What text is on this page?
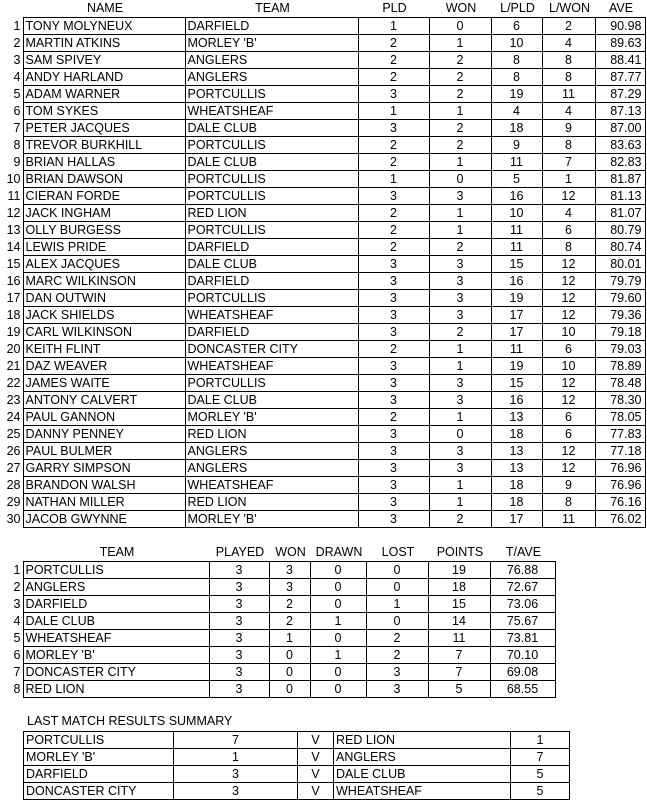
	NAME	TEAM	PLD	WON	L/PLD	L/WON	AVE
1	TONY MOLYNEUX	DARFIELD	1	0	6	2	90.98
2	MARTIN ATKINS	MORLEY 'B'	2	1	10	4	89.63
3	SAM SPIVEY	ANGLERS	2	2	8	8	88.41
4	ANDY HARLAND	ANGLERS	2	2	8	8	87.77
5	ADAM WARNER	PORTCULLIS	3	2	19	11	87.29
6	TOM SYKES	WHEATSHEAF	1	1	4	4	87.13
7	PETER JACQUES	DALE CLUB	3	2	18	9	87.00
8	TREVOR BURKHILL	PORTCULLIS	2	2	9	8	83.63
9	BRIAN HALLAS	DALE CLUB	2	1	11	7	82.83
10	BRIAN DAWSON	PORTCULLIS	1	0	5	1	81.87
11	CIERAN FORDE	PORTCULLIS	3	3	16	12	81.13
12	JACK INGHAM	RED LION	2	1	10	4	81.07
13	OLLY BURGESS	PORTCULLIS	2	1	11	6	80.79
14	LEWIS PRIDE	DARFIELD	2	2	11	8	80.74
15	ALEX JACQUES	DALE CLUB	3	3	15	12	80.01
16	MARC WILKINSON	DARFIELD	3	3	16	12	79.79
17	DAN OUTWIN	PORTCULLIS	3	3	19	12	79.60
18	JACK SHIELDS	WHEATSHEAF	3	3	17	12	79.36
19	CARL WILKINSON	DARFIELD	3	2	17	10	79.18
20	KEITH FLINT	DONCASTER CITY	2	1	11	6	79.03
21	DAZ WEAVER	WHEATSHEAF	3	1	19	10	78.89
22	JAMES WAITE	PORTCULLIS	3	3	15	12	78.48
23	ANTONY CALVERT	DALE CLUB	3	3	16	12	78.30
24	PAUL GANNON	MORLEY 'B'	2	1	13	6	78.05
25	DANNY PENNEY	RED LION	3	0	18	6	77.83
26	PAUL BULMER	ANGLERS	3	3	13	12	77.18
27	GARRY SIMPSON	ANGLERS	3	3	13	12	76.96
28	BRANDON WALSH	WHEATSHEAF	3	1	18	9	76.96
29	NATHAN MILLER	RED LION	3	1	18	8	76.16
30	JACOB GWYNNE	MORLEY 'B'	3	2	17	11	76.02
	TEAM	PLAYED	WON	DRAWN	LOST	POINTS	T/AVE
1	PORTCULLIS	3	3	0	0	19	76.88
2	ANGLERS	3	3	0	0	18	72.67
3	DARFIELD	3	2	0	1	15	73.06
4	DALE CLUB	3	2	1	0	14	75.67
5	WHEATSHEAF	3	1	0	2	11	73.81
6	MORLEY 'B'	3	0	1	2	7	70.10
7	DONCASTER CITY	3	0	0	3	7	69.08
8	RED LION	3	0	0	3	5	68.55
LAST MATCH RESULTS SUMMARY
PORTCULLIS	7	V	RED LION	1
MORLEY 'B'	1	V	ANGLERS	7
DARFIELD	3	V	DALE CLUB	5
DONCASTER CITY	3	V	WHEATSHEAF	5
